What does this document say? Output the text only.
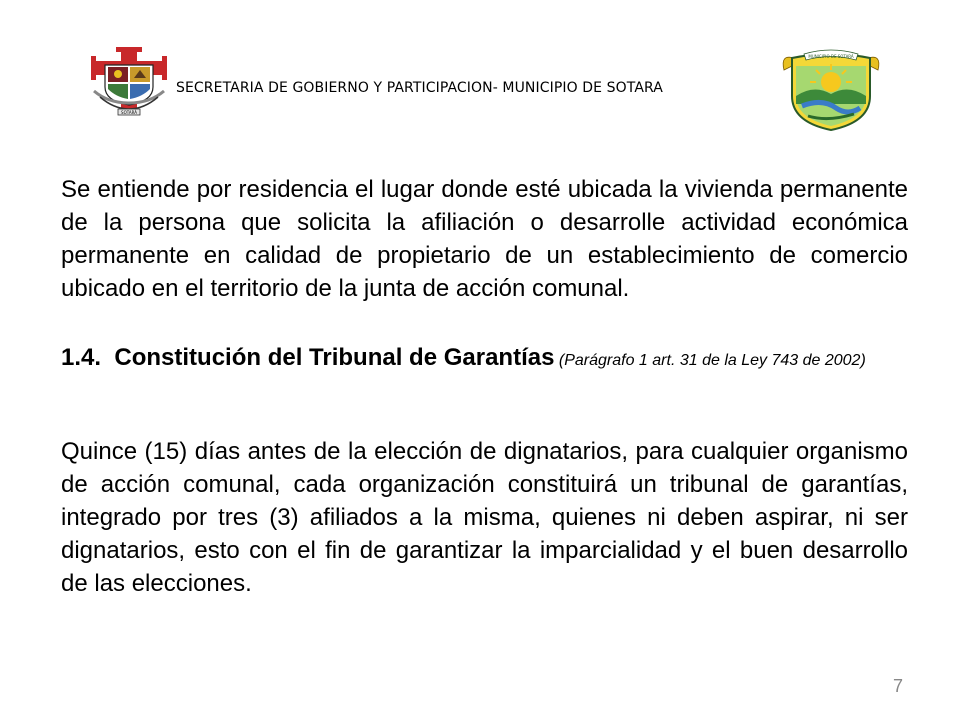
SOTARÁ
SECRETARIA DE GOBIERNO Y PARTICIPACION- MUNICIPIO DE SOTARA
MUNICIPIO DE SOTARÁ
Se entiende por residencia el lugar donde esté ubicada la vivienda permanente de la persona que solicita la afiliación o desarrolle actividad económica permanente en calidad de propietario de un establecimiento de comercio ubicado en el territorio de la junta de acción comunal.
1.4. Constitución del Tribunal de Garantías (Parágrafo 1 art. 31 de la Ley 743 de 2002)
Quince (15) días antes de la elección de dignatarios, para cualquier organismo de acción comunal, cada organización constituirá un tribunal de garantías, integrado por tres (3) afiliados a la misma, quienes ni deben aspirar, ni ser dignatarios, esto con el fin de garantizar la imparcialidad y el buen desarrollo de las elecciones.
7
